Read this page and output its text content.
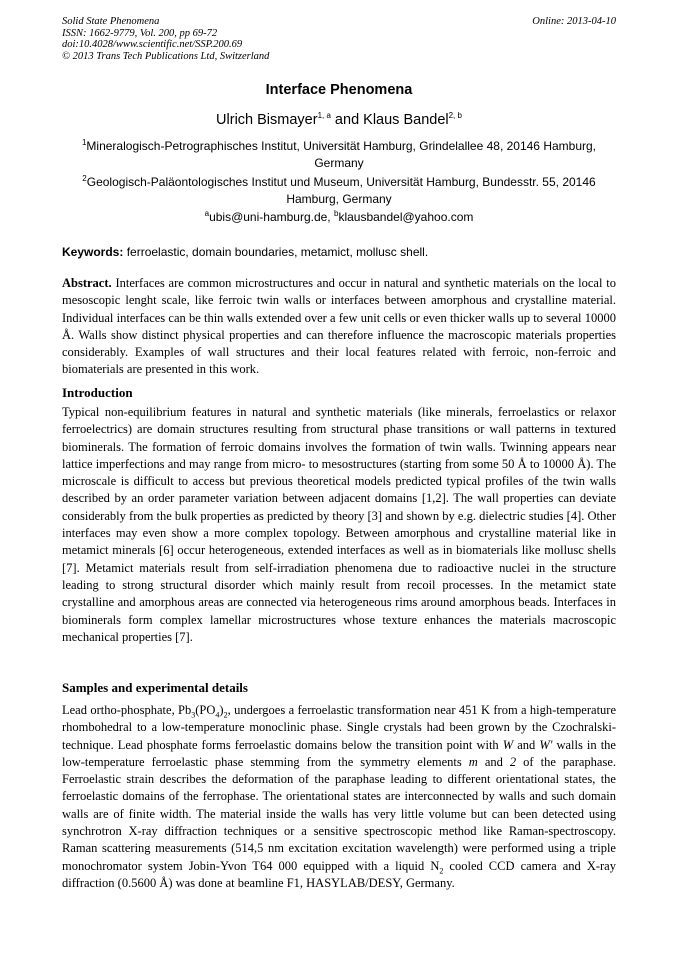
Solid State Phenomena
ISSN: 1662-9779, Vol. 200, pp 69-72
doi:10.4028/www.scientific.net/SSP.200.69
© 2013 Trans Tech Publications Ltd, Switzerland
Online: 2013-04-10
Interface Phenomena
Ulrich Bismayer$^{1, a}$ and Klaus Bandel$^{2, b}$
$^1$Mineralogisch-Petrographisches Institut, Universität Hamburg, Grindelallee 48, 20146 Hamburg, Germany
$^2$Geologisch-Paläontologisches Institut und Museum, Universität Hamburg, Bundesstr. 55, 20146 Hamburg, Germany
$^a$ubis@uni-hamburg.de, $^b$klausbandel@yahoo.com
Keywords: ferroelastic, domain boundaries, metamict, mollusc shell.
Abstract. Interfaces are common microstructures and occur in natural and synthetic materials on the local to mesoscopic lenght scale, like ferroic twin walls or interfaces between amorphous and crystalline material. Individual interfaces can be thin walls extended over a few unit cells or even thicker walls up to several 10000 Å. Walls show distinct physical properties and can therefore influence the macroscopic materials properties considerably. Examples of wall structures and their local features related with ferroic, non-ferroic and biomaterials are presented in this work.
Introduction
Typical non-equilibrium features in natural and synthetic materials (like minerals, ferroelastics or relaxor ferroelectrics) are domain structures resulting from structural phase transitions or wall patterns in textured biominerals. The formation of ferroic domains involves the formation of twin walls. Twinning appears near lattice imperfections and may range from micro- to mesostructures (starting from some 50 Å to 10000 Å). The microscale is difficult to access but previous theoretical models predicted typical profiles of the twin walls described by an order parameter variation between adjacent domains [1,2]. The wall properties can deviate considerably from the bulk properties as predicted by theory [3] and shown by e.g. dielectric studies [4]. Other interfaces may even show a more complex topology. Between amorphous and crystalline material like in metamict minerals [6] occur heterogeneous, extended interfaces as well as in biomaterials like mollusc shells [7]. Metamict materials result from self-irradiation phenomena due to radioactive nuclei in the structure leading to strong structural disorder which mainly result from recoil processes. In the metamict state crystalline and amorphous areas are connected via heterogeneous rims around amorphous beads. Interfaces in biominerals form complex lamellar microstructures whose texture enhances the materials macroscopic mechanical properties [7].
Samples and experimental details
Lead ortho-phosphate, $Pb_3(PO_4)_2$, undergoes a ferroelastic transformation near 451 K from a high-temperature rhombohedral to a low-temperature monoclinic phase. Single crystals had been grown by the Czochralski-technique. Lead phosphate forms ferroelastic domains below the transition point with W and W' walls in the low-temperature ferroelastic phase stemming from the symmetry elements m and 2 of the paraphase. Ferroelastic strain describes the deformation of the paraphase leading to different orientational states, the ferroelastic domains of the ferrophase. The orientational states are interconnected by walls and such domain walls are of finite width. The material inside the walls has very little volume but can been detected using synchrotron X-ray diffraction techniques or a sensitive spectroscopic method like Raman-spectroscopy. Raman scattering measurements (514,5 nm excitation excitation wavelength) were performed using a triple monochromator system Jobin-Yvon T64 000 equipped with a liquid $N_2$ cooled CCD camera and X-ray diffraction (0.5600 Å) was done at beamline F1, HASYLAB/DESY, Germany.
